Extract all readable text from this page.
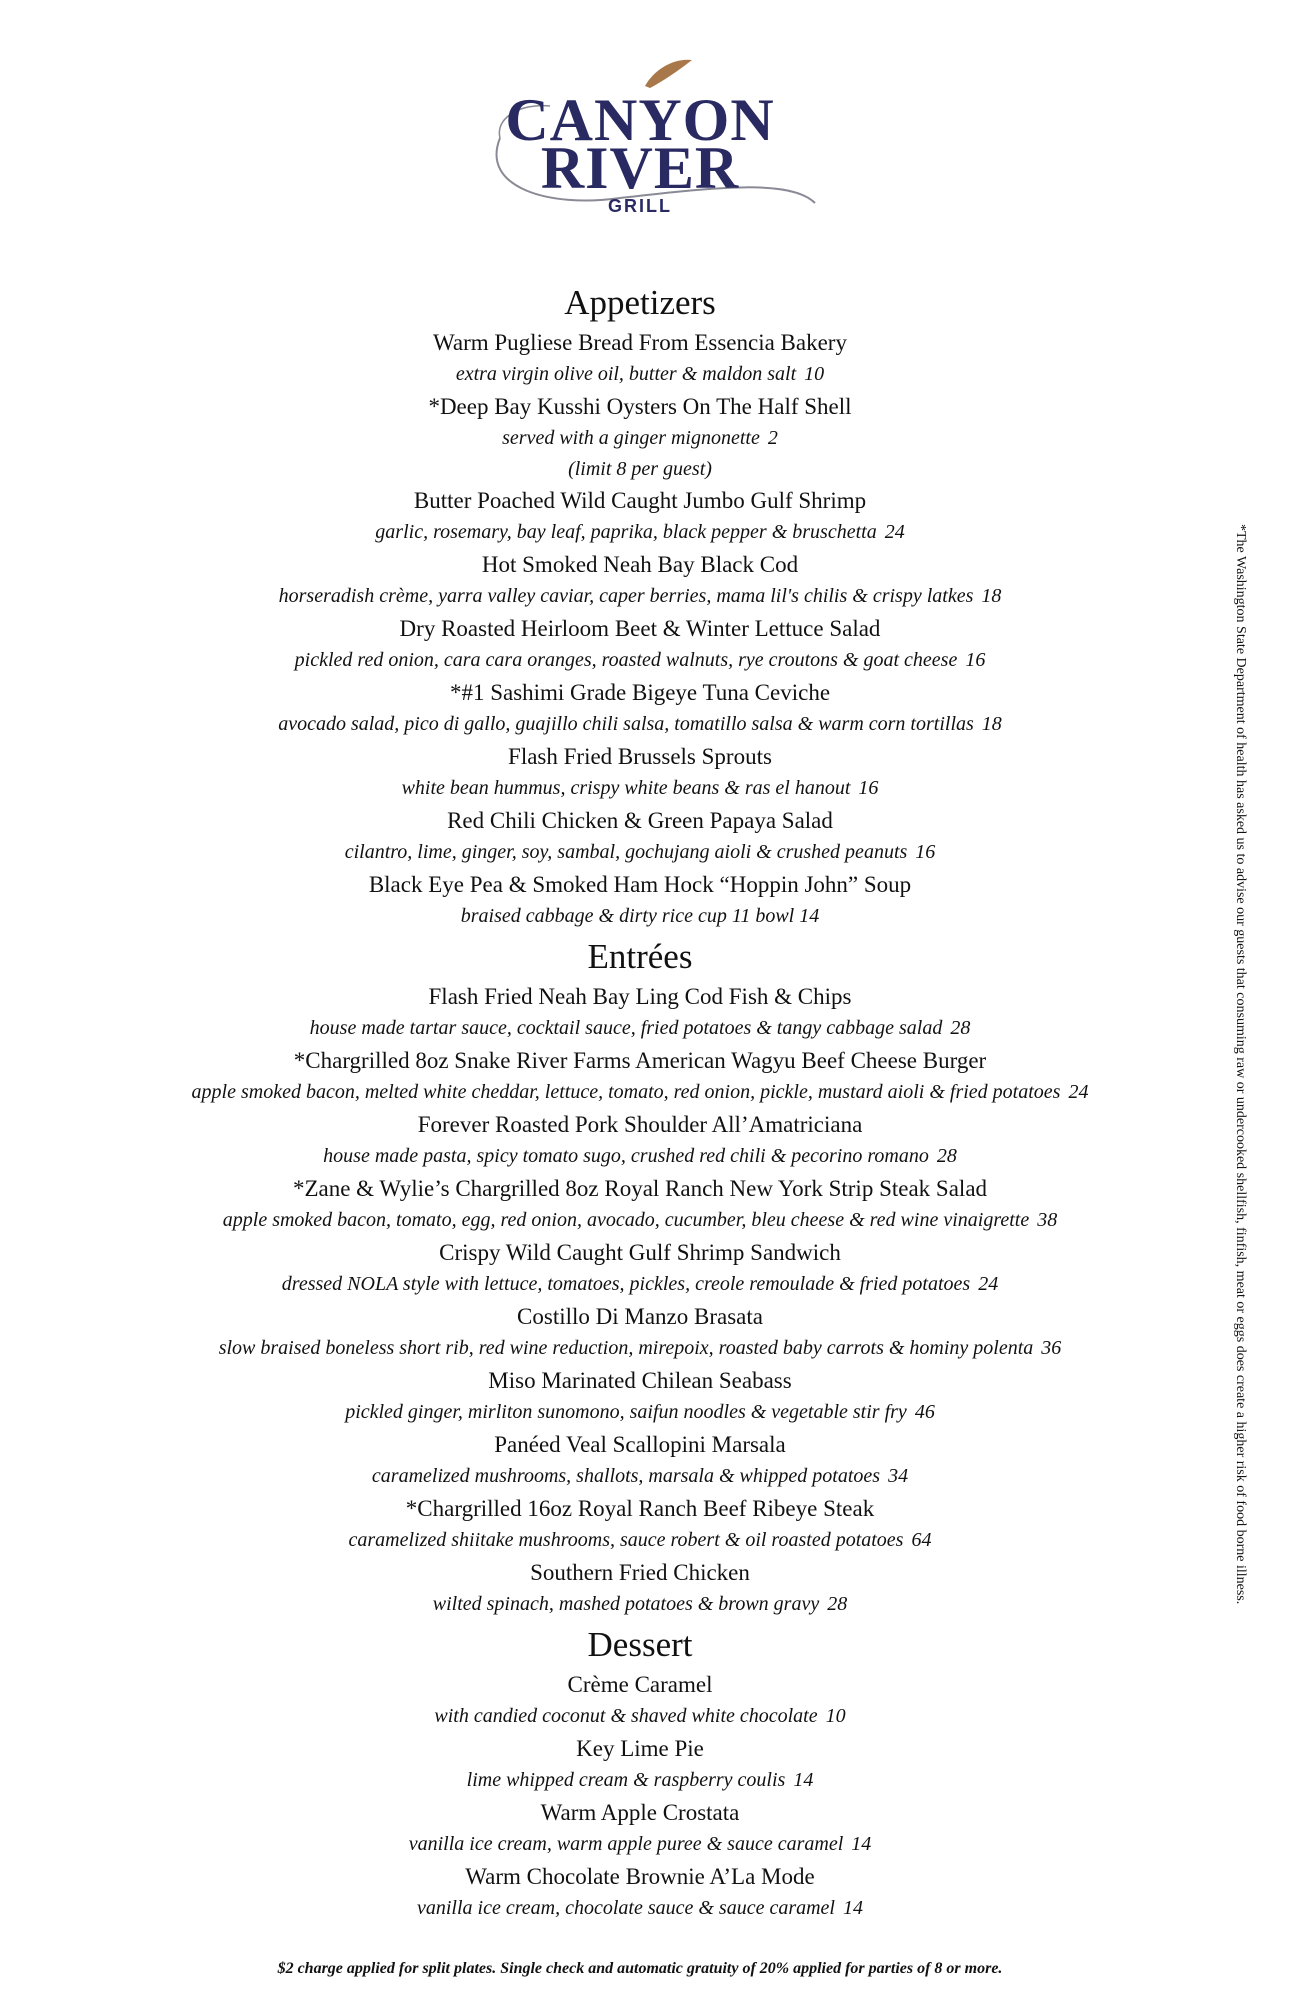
CANYON
RIVER
GRILL
Appetizers
Warm Pugliese Bread From Essencia Bakery
extra virgin olive oil, butter & maldon salt 10
*Deep Bay Kusshi Oysters On The Half Shell
served with a ginger mignonette 2
(limit 8 per guest)
Butter Poached Wild Caught Jumbo Gulf Shrimp
garlic, rosemary, bay leaf, paprika, black pepper & bruschetta 24
Hot Smoked Neah Bay Black Cod
horseradish crème, yarra valley caviar, caper berries, mama lil's chilis & crispy latkes 18
Dry Roasted Heirloom Beet & Winter Lettuce Salad
pickled red onion, cara cara oranges, roasted walnuts, rye croutons & goat cheese 16
*#1 Sashimi Grade Bigeye Tuna Ceviche
avocado salad, pico di gallo, guajillo chili salsa, tomatillo salsa & warm corn tortillas 18
Flash Fried Brussels Sprouts
white bean hummus, crispy white beans & ras el hanout 16
Red Chili Chicken & Green Papaya Salad
cilantro, lime, ginger, soy, sambal, gochujang aioli & crushed peanuts 16
Black Eye Pea & Smoked Ham Hock “Hoppin John” Soup
braised cabbage & dirty rice cup 11 bowl 14
Entrées
Flash Fried Neah Bay Ling Cod Fish & Chips
house made tartar sauce, cocktail sauce, fried potatoes & tangy cabbage salad 28
*Chargrilled 8oz Snake River Farms American Wagyu Beef Cheese Burger
apple smoked bacon, melted white cheddar, lettuce, tomato, red onion, pickle, mustard aioli & fried potatoes 24
Forever Roasted Pork Shoulder All’Amatriciana
house made pasta, spicy tomato sugo, crushed red chili & pecorino romano 28
*Zane & Wylie’s Chargrilled 8oz Royal Ranch New York Strip Steak Salad
apple smoked bacon, tomato, egg, red onion, avocado, cucumber, bleu cheese & red wine vinaigrette 38
Crispy Wild Caught Gulf Shrimp Sandwich
dressed NOLA style with lettuce, tomatoes, pickles, creole remoulade & fried potatoes 24
Costillo Di Manzo Brasata
slow braised boneless short rib, red wine reduction, mirepoix, roasted baby carrots & hominy polenta 36
Miso Marinated Chilean Seabass
pickled ginger, mirliton sunomono, saifun noodles & vegetable stir fry 46
Panéed Veal Scallopini Marsala
caramelized mushrooms, shallots, marsala & whipped potatoes 34
*Chargrilled 16oz Royal Ranch Beef Ribeye Steak
caramelized shiitake mushrooms, sauce robert & oil roasted potatoes 64
Southern Fried Chicken
wilted spinach, mashed potatoes & brown gravy 28
Dessert
Crème Caramel
with candied coconut & shaved white chocolate 10
Key Lime Pie
lime whipped cream & raspberry coulis 14
Warm Apple Crostata
vanilla ice cream, warm apple puree & sauce caramel 14
Warm Chocolate Brownie A’La Mode
vanilla ice cream, chocolate sauce & sauce caramel 14
$2 charge applied for split plates. Single check and automatic gratuity of 20% applied for parties of 8 or more.
*The Washington State Department of health has asked us to advise our guests that consuming raw or undercooked shellfish, finfish, meat or eggs does create a higher risk of food borne illness.
